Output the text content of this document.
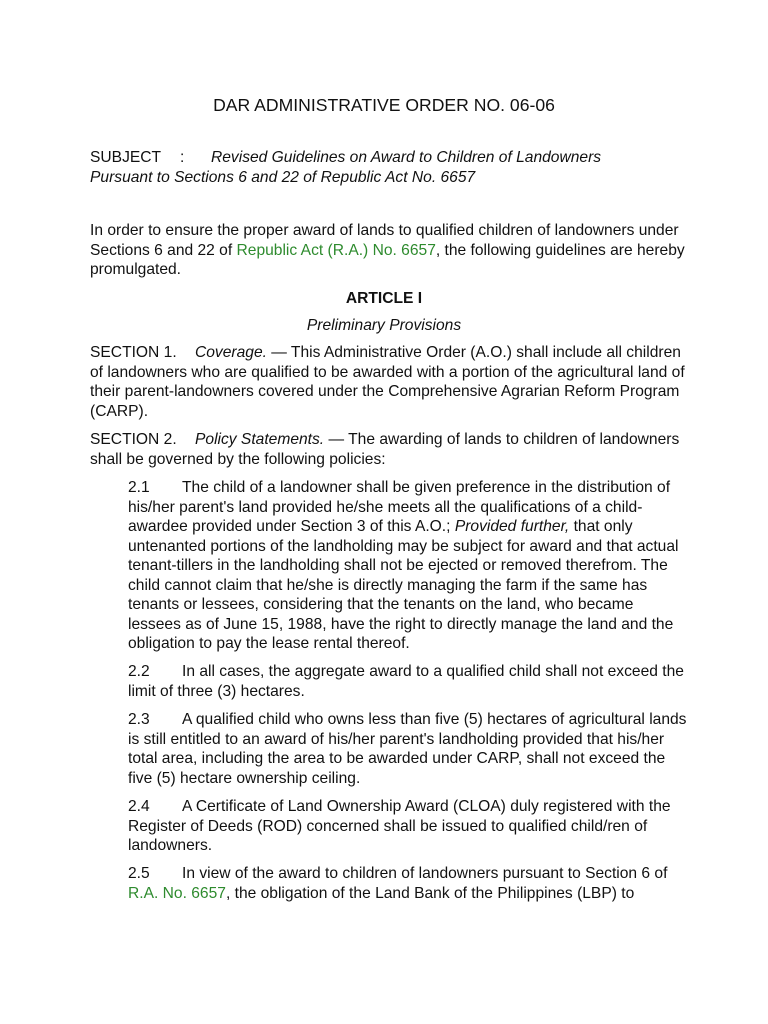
DAR ADMINISTRATIVE ORDER NO. 06-06
SUBJECT : Revised Guidelines on Award to Children of Landowners
Pursuant to Sections 6 and 22 of Republic Act No. 6657
In order to ensure the proper award of lands to qualified children of landowners under Sections 6 and 22 of Republic Act (R.A.) No. 6657, the following guidelines are hereby promulgated.
ARTICLE I
Preliminary Provisions
SECTION 1. Coverage. — This Administrative Order (A.O.) shall include all children of landowners who are qualified to be awarded with a portion of the agricultural land of their parent-landowners covered under the Comprehensive Agrarian Reform Program (CARP).
SECTION 2. Policy Statements. — The awarding of lands to children of landowners shall be governed by the following policies:
2.1 The child of a landowner shall be given preference in the distribution of his/her parent's land provided he/she meets all the qualifications of a child-awardee provided under Section 3 of this A.O.; Provided further, that only untenanted portions of the landholding may be subject for award and that actual tenant-tillers in the landholding shall not be ejected or removed therefrom. The child cannot claim that he/she is directly managing the farm if the same has tenants or lessees, considering that the tenants on the land, who became lessees as of June 15, 1988, have the right to directly manage the land and the obligation to pay the lease rental thereof.
2.2 In all cases, the aggregate award to a qualified child shall not exceed the limit of three (3) hectares.
2.3 A qualified child who owns less than five (5) hectares of agricultural lands is still entitled to an award of his/her parent's landholding provided that his/her total area, including the area to be awarded under CARP, shall not exceed the five (5) hectare ownership ceiling.
2.4 A Certificate of Land Ownership Award (CLOA) duly registered with the Register of Deeds (ROD) concerned shall be issued to qualified child/ren of landowners.
2.5 In view of the award to children of landowners pursuant to Section 6 of R.A. No. 6657, the obligation of the Land Bank of the Philippines (LBP) to
